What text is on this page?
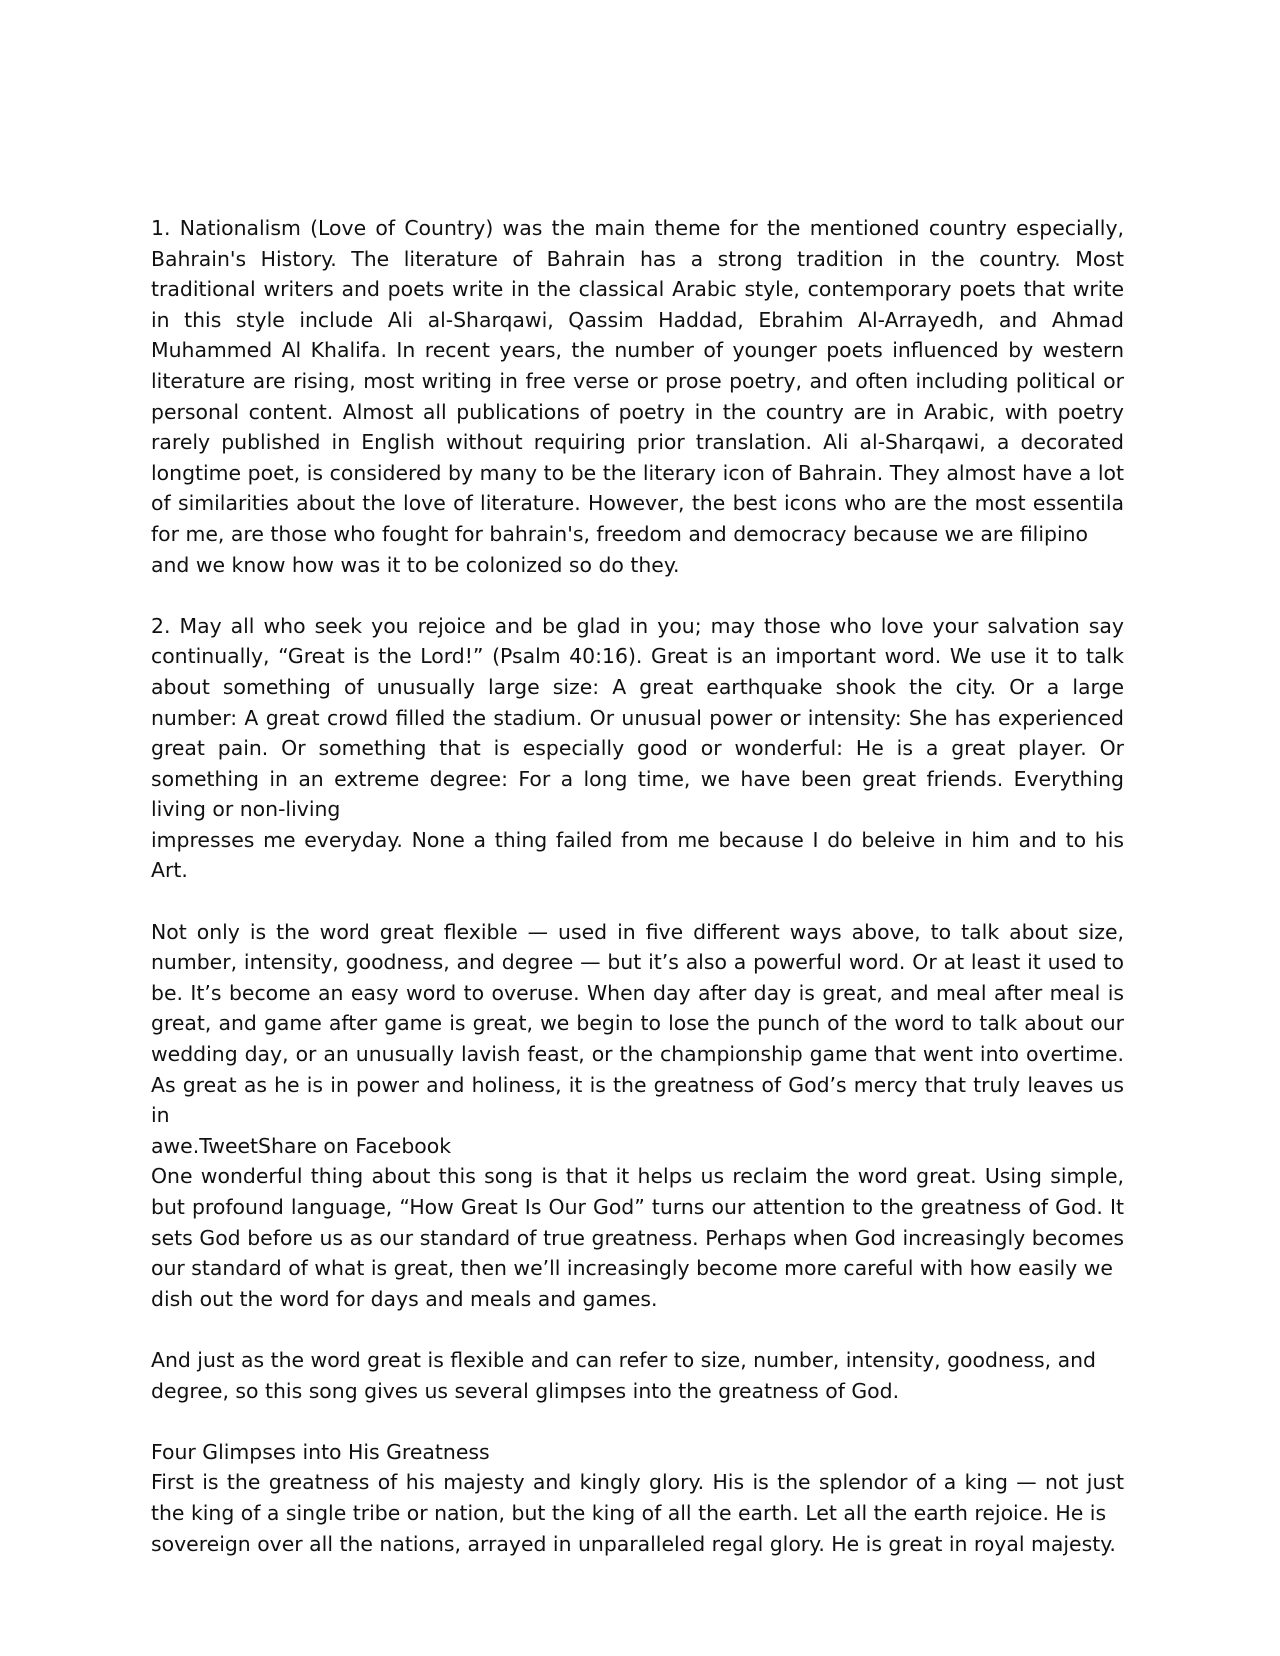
1. Nationalism (Love of Country) was the main theme for the mentioned country especially, Bahrain's History. The literature of Bahrain has a strong tradition in the country. Most traditional writers and poets write in the classical Arabic style, contemporary poets that write in this style include Ali al-Sharqawi, Qassim Haddad, Ebrahim Al-Arrayedh, and Ahmad Muhammed Al Khalifa. In recent years, the number of younger poets influenced by western literature are rising, most writing in free verse or prose poetry, and often including political or personal content. Almost all publications of poetry in the country are in Arabic, with poetry rarely published in English without requiring prior translation. Ali al-Sharqawi, a decorated longtime poet, is considered by many to be the literary icon of Bahrain. They almost have a lot of similarities about the love of literature. However, the best icons who are the most essentila for me, are those who fought for bahrain's, freedom and democracy because we are filipino
and we know how was it to be colonized so do they.

2. May all who seek you rejoice and be glad in you; may those who love your salvation say continually, “Great is the Lord!” (Psalm 40:16). Great is an important word. We use it to talk about something of unusually large size: A great earthquake shook the city. Or a large number: A great crowd filled the stadium. Or unusual power or intensity: She has experienced great pain. Or something that is especially good or wonderful: He is a great player. Or something in an extreme degree: For a long time, we have been great friends. Everything living or non-living
impresses me everyday. None a thing failed from me because I do beleive in him and to his Art.

Not only is the word great flexible — used in five different ways above, to talk about size, number, intensity, goodness, and degree — but it’s also a powerful word. Or at least it used to be. It’s become an easy word to overuse. When day after day is great, and meal after meal is great, and game after game is great, we begin to lose the punch of the word to talk about our wedding day, or an unusually lavish feast, or the championship game that went into overtime. As great as he is in power and holiness, it is the greatness of God’s mercy that truly leaves us in
awe.TweetShare on Facebook

One wonderful thing about this song is that it helps us reclaim the word great. Using simple, but profound language, “How Great Is Our God” turns our attention to the greatness of God. It sets God before us as our standard of true greatness. Perhaps when God increasingly becomes our standard of what is great, then we’ll increasingly become more careful with how easily we
dish out the word for days and meals and games.

And just as the word great is flexible and can refer to size, number, intensity, goodness, and
degree, so this song gives us several glimpses into the greatness of God.

Four Glimpses into His Greatness

First is the greatness of his majesty and kingly glory. His is the splendor of a king — not just the king of a single tribe or nation, but the king of all the earth. Let all the earth rejoice. He is
sovereign over all the nations, arrayed in unparalleled regal glory. He is great in royal majesty.
